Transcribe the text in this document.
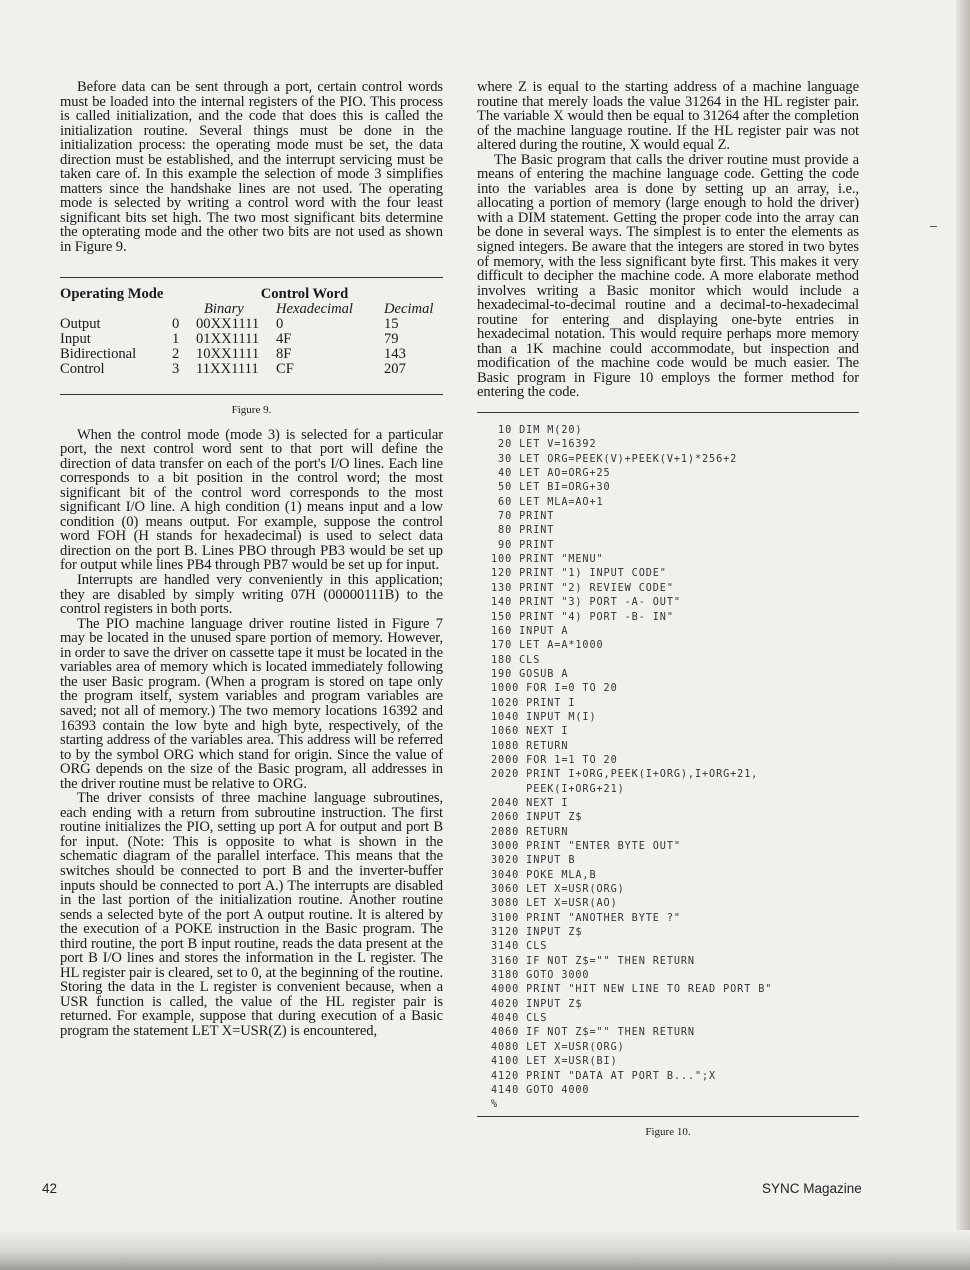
Before data can be sent through a port, certain control words must be loaded into the internal registers of the PIO. This process is called initialization, and the code that does this is called the initialization routine. Several things must be done in the initialization process: the operating mode must be set, the data direction must be established, and the interrupt servicing must be taken care of. In this example the selection of mode 3 simplifies matters since the handshake lines are not used. The operating mode is selected by writing a control word with the four least significant bits set high. The two most significant bits determine the opterating mode and the other two bits are not used as shown in Figure 9.

Operating Mode		Control Word		
		Binary	Hexadecimal	Decimal
Output	0	00XX1111	0	15
Input	1	01XX1111	4F	79
Bidirectional	2	10XX1111	8F	143
Control	3	11XX1111	CF	207

Figure 9.

When the control mode (mode 3) is selected for a particular port, the next control word sent to that port will define the direction of data transfer on each of the port's I/O lines. Each line corresponds to a bit position in the control word; the most significant bit of the control word corresponds to the most significant I/O line. A high condition (1) means input and a low condition (0) means output. For example, suppose the control word FOH (H stands for hexadecimal) is used to select data direction on the port B. Lines PBO through PB3 would be set up for output while lines PB4 through PB7 would be set up for input.

Interrupts are handled very conveniently in this application; they are disabled by simply writing 07H (00000111B) to the control registers in both ports.

The PIO machine language driver routine listed in Figure 7 may be located in the unused spare portion of memory. However, in order to save the driver on cassette tape it must be located in the variables area of memory which is located immediately following the user Basic program. (When a program is stored on tape only the program itself, system variables and program variables are saved; not all of memory.) The two memory locations 16392 and 16393 contain the low byte and high byte, respectively, of the starting address of the variables area. This address will be referred to by the symbol ORG which stand for origin. Since the value of ORG depends on the size of the Basic program, all addresses in the driver routine must be relative to ORG.

The driver consists of three machine language subroutines, each ending with a return from subroutine instruction. The first routine initializes the PIO, setting up port A for output and port B for input. (Note: This is opposite to what is shown in the schematic diagram of the parallel interface. This means that the switches should be connected to port B and the inverter-buffer inputs should be connected to port A.) The interrupts are disabled in the last portion of the initialization routine. Another routine sends a selected byte of the port A output routine. It is altered by the execution of a POKE instruction in the Basic program. The third routine, the port B input routine, reads the data present at the port B I/O lines and stores the information in the L register. The HL register pair is cleared, set to 0, at the beginning of the routine. Storing the data in the L register is convenient because, when a USR function is called, the value of the HL register pair is returned. For example, suppose that during execution of a Basic program the statement LET X=USR(Z) is encountered,

where Z is equal to the starting address of a machine language routine that merely loads the value 31264 in the HL register pair. The variable X would then be equal to 31264 after the completion of the machine language routine. If the HL register pair was not altered during the routine, X would equal Z.

The Basic program that calls the driver routine must provide a means of entering the machine language code. Getting the code into the variables area is done by setting up an array, i.e., allocating a portion of memory (large enough to hold the driver) with a DIM statement. Getting the proper code into the array can be done in several ways. The simplest is to enter the elements as signed integers. Be aware that the integers are stored in two bytes of memory, with the less significant byte first. This makes it very difficult to decipher the machine code. A more elaborate method involves writing a Basic monitor which would include a hexadecimal-to-decimal routine and a decimal-to-hexadecimal routine for entering and displaying one-byte entries in hexadecimal notation. This would require perhaps more memory than a 1K machine could accommodate, but inspection and modification of the machine code would be much easier. The Basic program in Figure 10 employs the former method for entering the code.

10 DIM M(20)
20 LET V=16392
30 LET ORG=PEEK(V)+PEEK(V+1)*256+2
40 LET AO=ORG+25
50 LET BI=ORG+30
60 LET MLA=AO+1
70 PRINT
80 PRINT
90 PRINT
100 PRINT "MENU"
120 PRINT "1) INPUT CODE"
130 PRINT "2) REVIEW CODE"
140 PRINT "3) PORT -A- OUT"
150 PRINT "4) PORT -B- IN"
160 INPUT A
170 LET A=A*1000
180 CLS
190 GOSUB A
1000 FOR I=0 TO 20
1020 PRINT I
1040 INPUT M(I)
1060 NEXT I
1080 RETURN
2000 FOR 1=1 TO 20
2020 PRINT I+ORG,PEEK(I+ORG),I+ORG+21,
PEEK(I+ORG+21)
2040 NEXT I
2060 INPUT Z$
2080 RETURN
3000 PRINT "ENTER BYTE OUT"
3020 INPUT B
3040 POKE MLA,B
3060 LET X=USR(ORG)
3080 LET X=USR(AO)
3100 PRINT "ANOTHER BYTE ?"
3120 INPUT Z$
3140 CLS
3160 IF NOT Z$="" THEN RETURN
3180 GOTO 3000
4000 PRINT "HIT NEW LINE TO READ PORT B"
4020 INPUT Z$
4040 CLS
4060 IF NOT Z$="" THEN RETURN
4080 LET X=USR(ORG)
4100 LET X=USR(BI)
4120 PRINT "DATA AT PORT B...";X
4140 GOTO 4000
%

Figure 10.

42	SYNC Magazine
